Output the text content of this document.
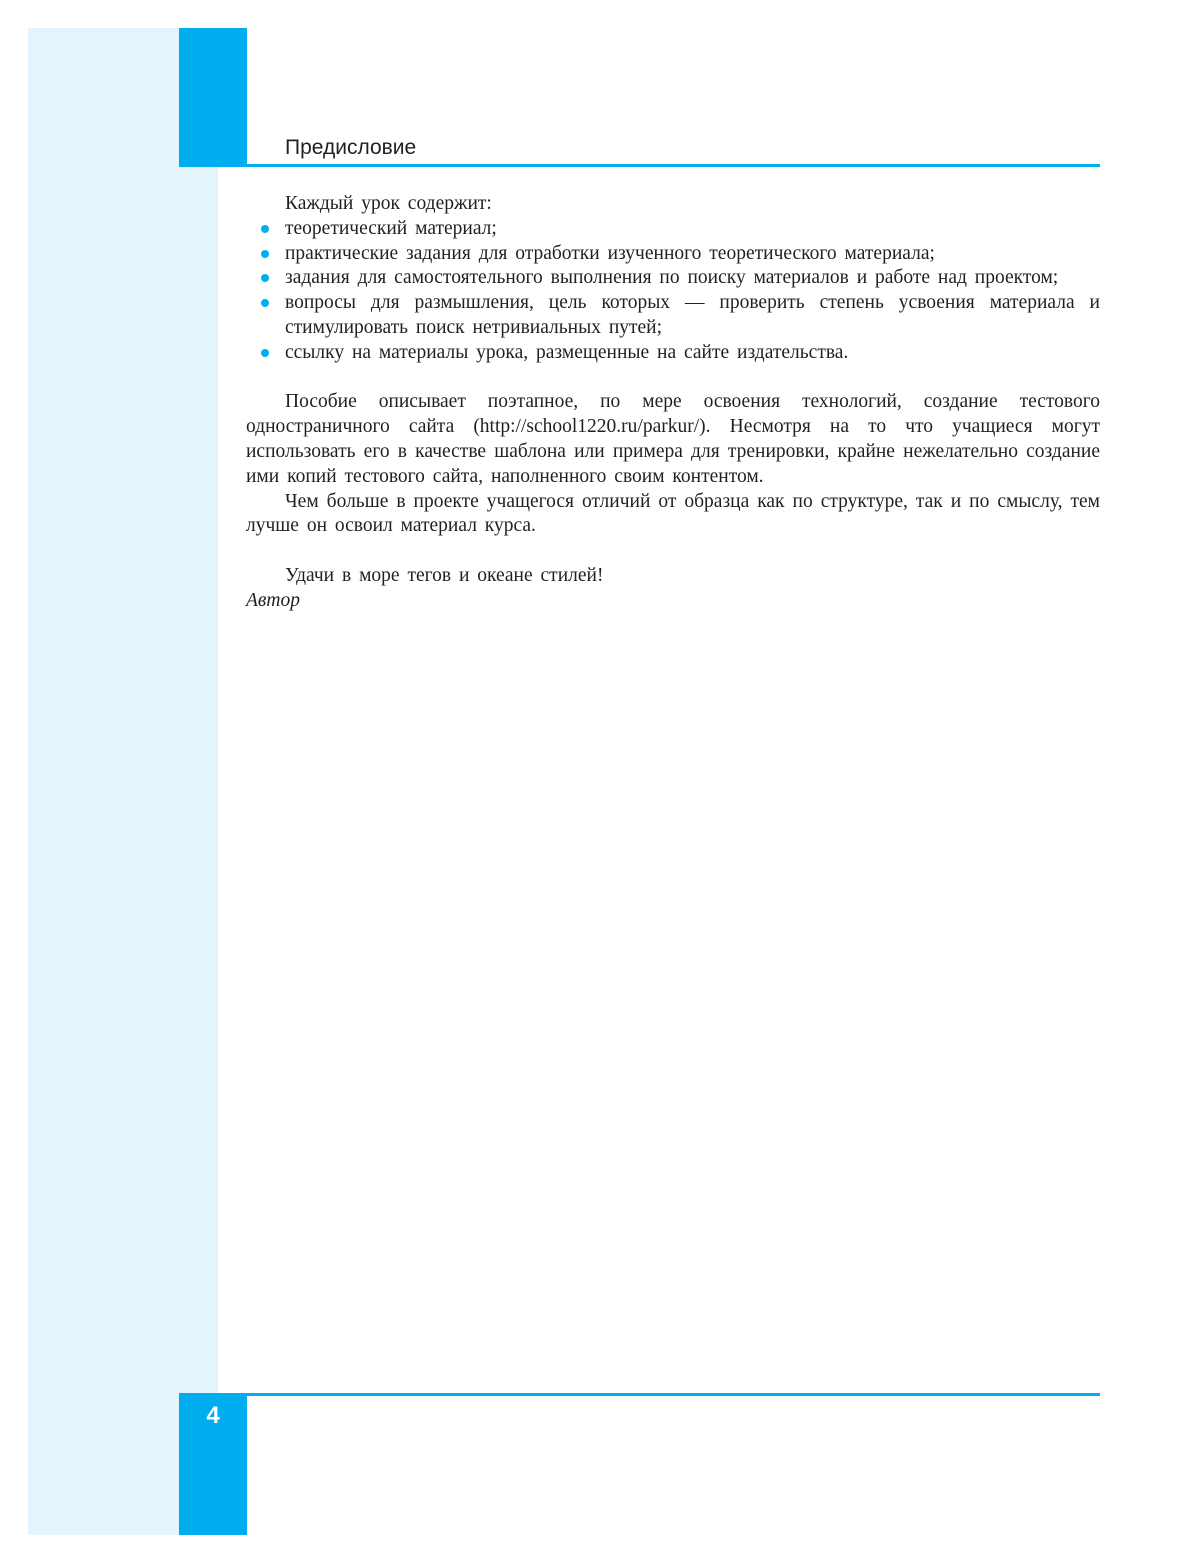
Предисловие

Каждый урок содержит:

теоретический материал;
практические задания для отработки изученного теоретического материала;
задания для самостоятельного выполнения по поиску материалов и работе над проектом;
вопросы для размышления, цель которых — проверить степень усвоения материала и стимулировать поиск нетривиальных путей;
ссылку на материалы урока, размещенные на сайте издательства.

Пособие описывает поэтапное, по мере освоения технологий, создание тестового одностраничного сайта (http://school1220.ru/parkur/). Несмотря на то что учащиеся могут использовать его в качестве шаблона или примера для тренировки, крайне нежелательно создание ими копий тестового сайта, наполненного своим контентом.

Чем больше в проекте учащегося отличий от образца как по структуре, так и по смыслу, тем лучше он освоил материал курса.

Удачи в море тегов и океане стилей!

Автор

4
